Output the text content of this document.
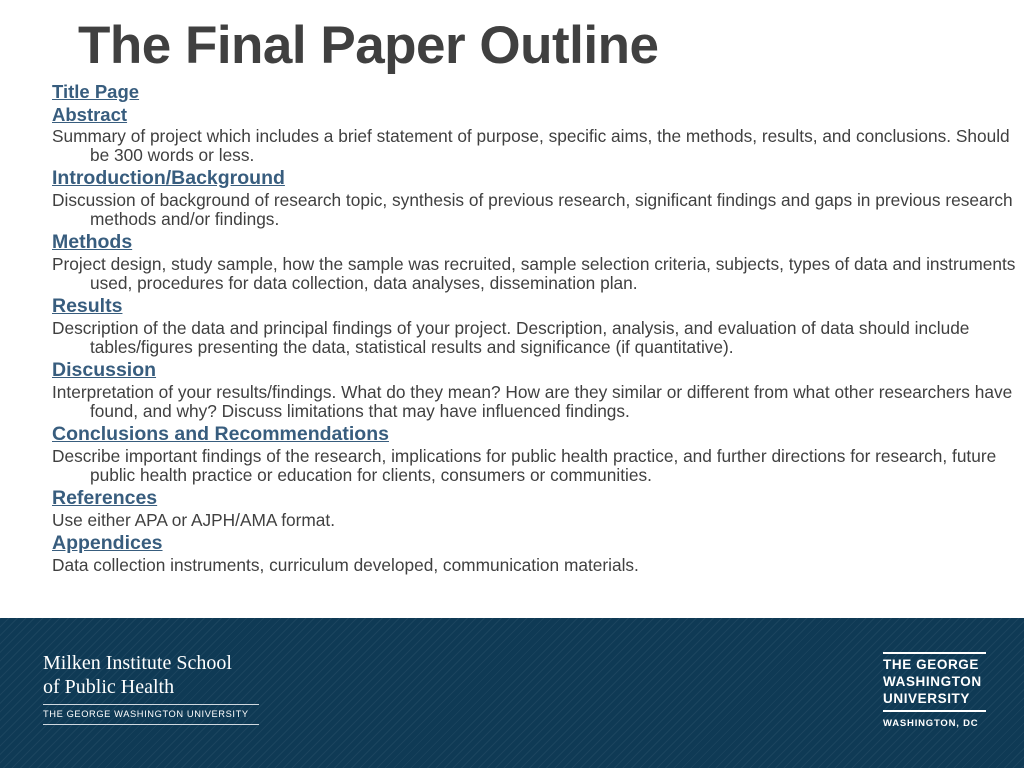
The Final Paper Outline
Title Page
Abstract
Summary of project which includes a brief statement of purpose, specific aims, the methods, results, and conclusions. Should be 300 words or less.
Introduction/Background
Discussion of background of research topic, synthesis of previous research, significant findings and gaps in previous research methods and/or findings.
Methods
Project design, study sample, how the sample was recruited, sample selection criteria, subjects, types of data and instruments used, procedures for data collection, data analyses, dissemination plan.
Results
Description of the data and principal findings of your project. Description, analysis, and evaluation of data should include tables/figures presenting the data, statistical results and significance (if quantitative).
Discussion
Interpretation of your results/findings. What do they mean? How are they similar or different from what other researchers have found, and why? Discuss limitations that may have influenced findings.
Conclusions and Recommendations
Describe important findings of the research, implications for public health practice, and further directions for research, future public health practice or education for clients, consumers or communities.
References
Use either APA or AJPH/AMA format.
Appendices
Data collection instruments, curriculum developed, communication materials.
Milken Institute School
of Public Health
THE GEORGE WASHINGTON UNIVERSITY
THE GEORGE
WASHINGTON
UNIVERSITY
WASHINGTON, DC
